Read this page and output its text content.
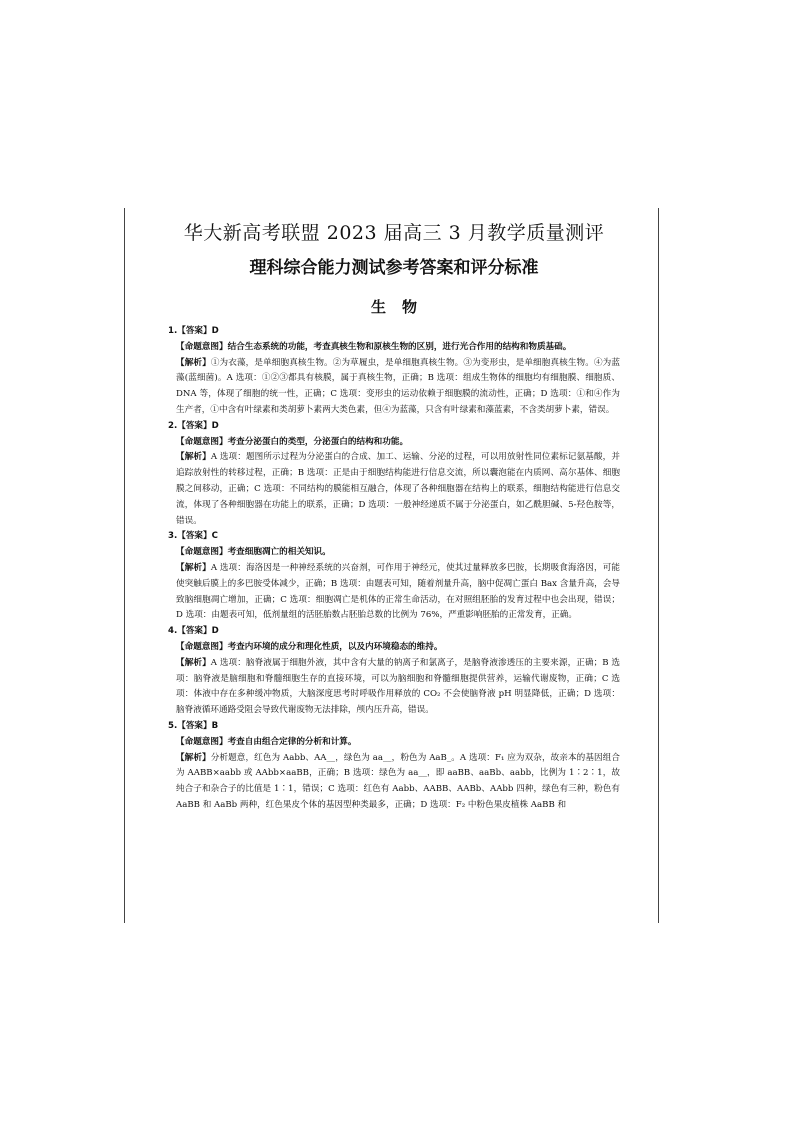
华大新高考联盟 2023 届高三 3 月教学质量测评
理科综合能力测试参考答案和评分标准
生物
1.【答案】D

【命题意图】结合生态系统的功能，考查真核生物和原核生物的区别，进行光合作用的结构和物质基础。

【解析】①为衣藻，是单细胞真核生物。②为草履虫，是单细胞真核生物。③为变形虫，是单细胞真核生物。④为蓝藻(蓝细菌)。A 选项：①②③都具有核膜，属于真核生物，正确；B 选项：组成生物体的细胞均有细胞膜、细胞质、DNA 等，体现了细胞的统一性，正确；C 选项：变形虫的运动依赖于细胞膜的流动性，正确；D 选项：①和④作为生产者，①中含有叶绿素和类胡萝卜素两大类色素，但④为蓝藻，只含有叶绿素和藻蓝素，不含类胡萝卜素，错误。

2.【答案】D

【命题意图】考查分泌蛋白的类型，分泌蛋白的结构和功能。

【解析】A 选项：题图所示过程为分泌蛋白的合成、加工、运输、分泌的过程，可以用放射性同位素标记氨基酸，并追踪放射性的转移过程，正确；B 选项：正是由于细胞结构能进行信息交流，所以囊泡能在内质网、高尔基体、细胞膜之间移动，正确；C 选项：不同结构的膜能相互融合，体现了各种细胞器在结构上的联系，细胞结构能进行信息交流，体现了各种细胞器在功能上的联系，正确；D 选项：一般神经递质不属于分泌蛋白，如乙酰胆碱、5-羟色胺等，错误。

3.【答案】C

【命题意图】考查细胞凋亡的相关知识。

【解析】A 选项：海洛因是一种神经系统的兴奋剂，可作用于神经元，使其过量释放多巴胺，长期吸食海洛因，可能使突触后膜上的多巴胺受体减少，正确；B 选项：由题表可知，随着剂量升高，脑中促凋亡蛋白 Bax 含量升高，会导致脑细胞凋亡增加，正确；C 选项：细胞凋亡是机体的正常生命活动，在对照组胚胎的发育过程中也会出现，错误；D 选项：由题表可知，低剂量组的活胚胎数占胚胎总数的比例为 76%，严重影响胚胎的正常发育，正确。

4.【答案】D

【命题意图】考查内环境的成分和理化性质，以及内环境稳态的维持。

【解析】A 选项：脑脊液属于细胞外液，其中含有大量的钠离子和氯离子，是脑脊液渗透压的主要来源，正确；B 选项：脑脊液是脑细胞和脊髓细胞生存的直接环境，可以为脑细胞和脊髓细胞提供营养，运输代谢废物，正确；C 选项：体液中存在多种缓冲物质，大脑深度思考时呼吸作用释放的 CO₂ 不会使脑脊液 pH 明显降低，正确；D 选项：脑脊液循环通路受阻会导致代谢废物无法排除，颅内压升高，错误。

5.【答案】B

【命题意图】考查自由组合定律的分析和计算。

【解析】分析题意，红色为 Aabb、AA__，绿色为 aa__，粉色为 AaB_。A 选项：F₁ 应为双杂，故亲本的基因组合为 AABB×aabb 或 AAbb×aaBB，正确；B 选项：绿色为 aa__，即 aaBB、aaBb、aabb，比例为 1∶2∶1，故纯合子和杂合子的比值是 1∶1，错误；C 选项：红色有 Aabb、AABB、AABb、AAbb 四种，绿色有三种，粉色有 AaBB 和 AaBb 两种，红色果皮个体的基因型种类最多，正确；D 选项：F₂ 中粉色果皮植株 AaBB 和
